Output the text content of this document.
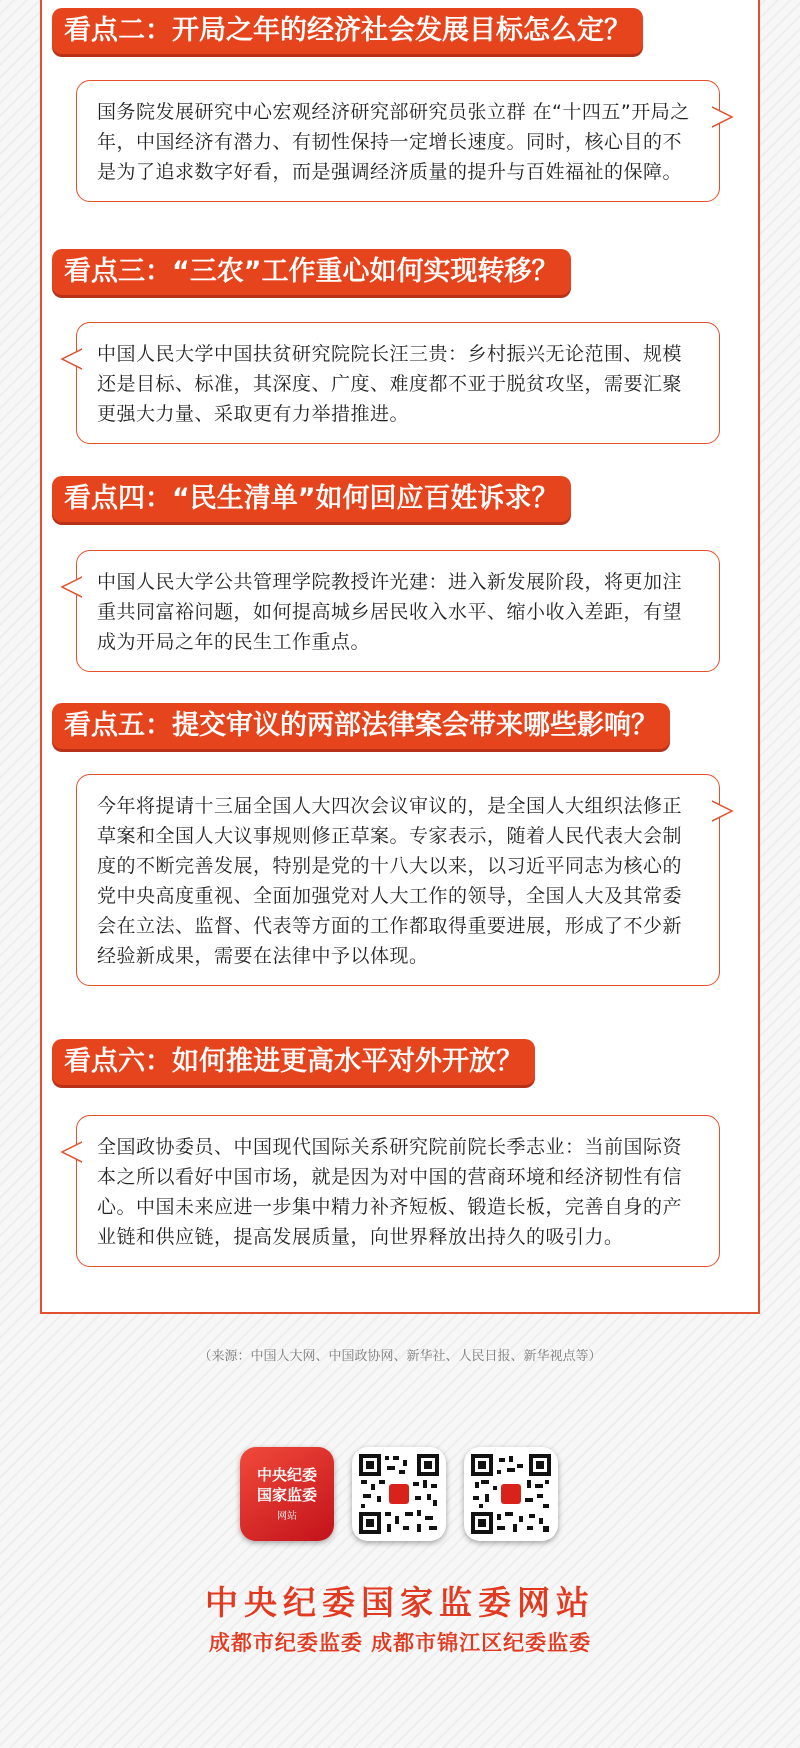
看点二：开局之年的经济社会发展目标怎么定？
国务院发展研究中心宏观经济研究部研究员张立群 在“十四五”开局之年，中国经济有潜力、有韧性保持一定增长速度。同时，核心目的不是为了追求数字好看，而是强调经济质量的提升与百姓福祉的保障。
看点三：“三农”工作重心如何实现转移？
中国人民大学中国扶贫研究院院长汪三贵：乡村振兴无论范围、规模还是目标、标准，其深度、广度、难度都不亚于脱贫攻坚，需要汇聚更强大力量、采取更有力举措推进。
看点四：“民生清单”如何回应百姓诉求？
中国人民大学公共管理学院教授许光建：进入新发展阶段，将更加注重共同富裕问题，如何提高城乡居民收入水平、缩小收入差距，有望成为开局之年的民生工作重点。
看点五：提交审议的两部法律案会带来哪些影响？
今年将提请十三届全国人大四次会议审议的，是全国人大组织法修正草案和全国人大议事规则修正草案。专家表示，随着人民代表大会制度的不断完善发展，特别是党的十八大以来，以习近平同志为核心的党中央高度重视、全面加强党对人大工作的领导，全国人大及其常委会在立法、监督、代表等方面的工作都取得重要进展，形成了不少新经验新成果，需要在法律中予以体现。
看点六：如何推进更高水平对外开放？
全国政协委员、中国现代国际关系研究院前院长季志业：当前国际资本之所以看好中国市场，就是因为对中国的营商环境和经济韧性有信心。中国未来应进一步集中精力补齐短板、锻造长板，完善自身的产业链和供应链，提高发展质量，向世界释放出持久的吸引力。
（来源：中国人大网、中国政协网、新华社、人民日报、新华视点等）
中央纪委
国家监委
网站
中央纪委国家监委网站
成都市纪委监委 成都市锦江区纪委监委
